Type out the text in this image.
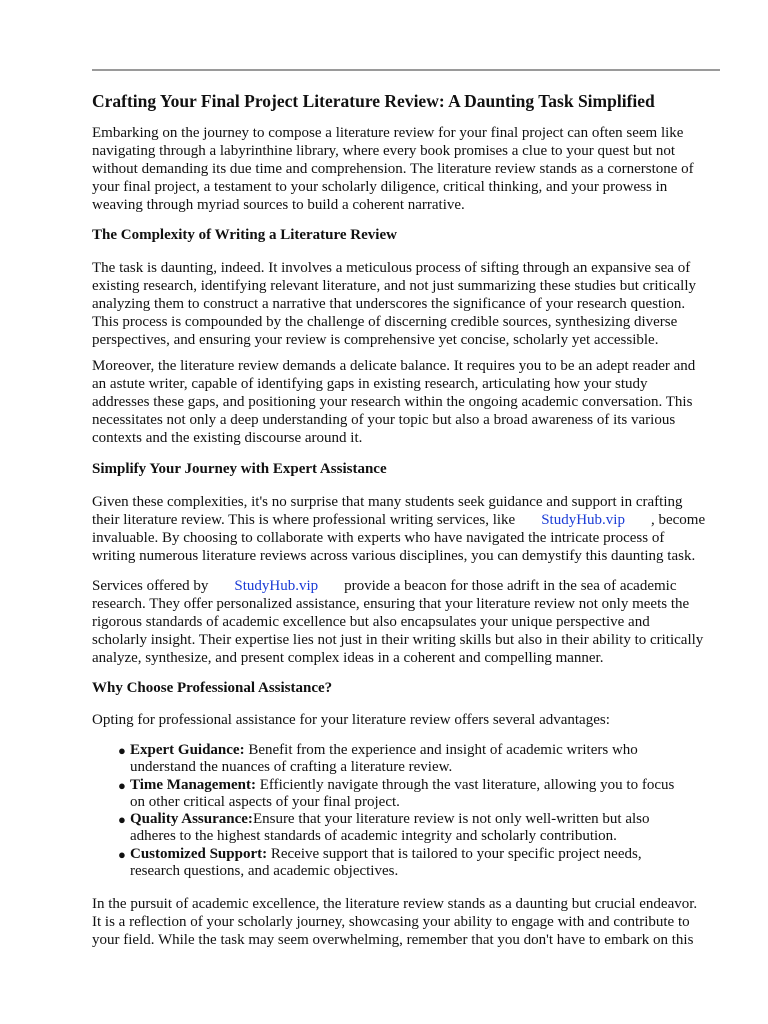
Crafting Your Final Project Literature Review: A Daunting Task Simplified
Embarking on the journey to compose a literature review for your final project can often seem like
navigating through a labyrinthine library, where every book promises a clue to your quest but not
without demanding its due time and comprehension. The literature review stands as a cornerstone of
your final project, a testament to your scholarly diligence, critical thinking, and your prowess in
weaving through myriad sources to build a coherent narrative.
The Complexity of Writing a Literature Review
The task is daunting, indeed. It involves a meticulous process of sifting through an expansive sea of
existing research, identifying relevant literature, and not just summarizing these studies but critically
analyzing them to construct a narrative that underscores the significance of your research question.
This process is compounded by the challenge of discerning credible sources, synthesizing diverse
perspectives, and ensuring your review is comprehensive yet concise, scholarly yet accessible.
Moreover, the literature review demands a delicate balance. It requires you to be an adept reader and
an astute writer, capable of identifying gaps in existing research, articulating how your study
addresses these gaps, and positioning your research within the ongoing academic conversation. This
necessitates not only a deep understanding of your topic but also a broad awareness of its various
contexts and the existing discourse around it.
Simplify Your Journey with Expert Assistance
Given these complexities, it's no surprise that many students seek guidance and support in crafting
their literature review. This is where professional writing services, like StudyHub.vip , become
invaluable. By choosing to collaborate with experts who have navigated the intricate process of
writing numerous literature reviews across various disciplines, you can demystify this daunting task.
Services offered by StudyHub.vip provide a beacon for those adrift in the sea of academic
research. They offer personalized assistance, ensuring that your literature review not only meets the
rigorous standards of academic excellence but also encapsulates your unique perspective and
scholarly insight. Their expertise lies not just in their writing skills but also in their ability to critically
analyze, synthesize, and present complex ideas in a coherent and compelling manner.
Why Choose Professional Assistance?
Opting for professional assistance for your literature review offers several advantages:
● Expert Guidance: Benefit from the experience and insight of academic writers who
understand the nuances of crafting a literature review.
● Time Management: Efficiently navigate through the vast literature, allowing you to focus
on other critical aspects of your final project.
● Quality Assurance:Ensure that your literature review is not only well-written but also
adheres to the highest standards of academic integrity and scholarly contribution.
● Customized Support: Receive support that is tailored to your specific project needs,
research questions, and academic objectives.
In the pursuit of academic excellence, the literature review stands as a daunting but crucial endeavor.
It is a reflection of your scholarly journey, showcasing your ability to engage with and contribute to
your field. While the task may seem overwhelming, remember that you don't have to embark on this
